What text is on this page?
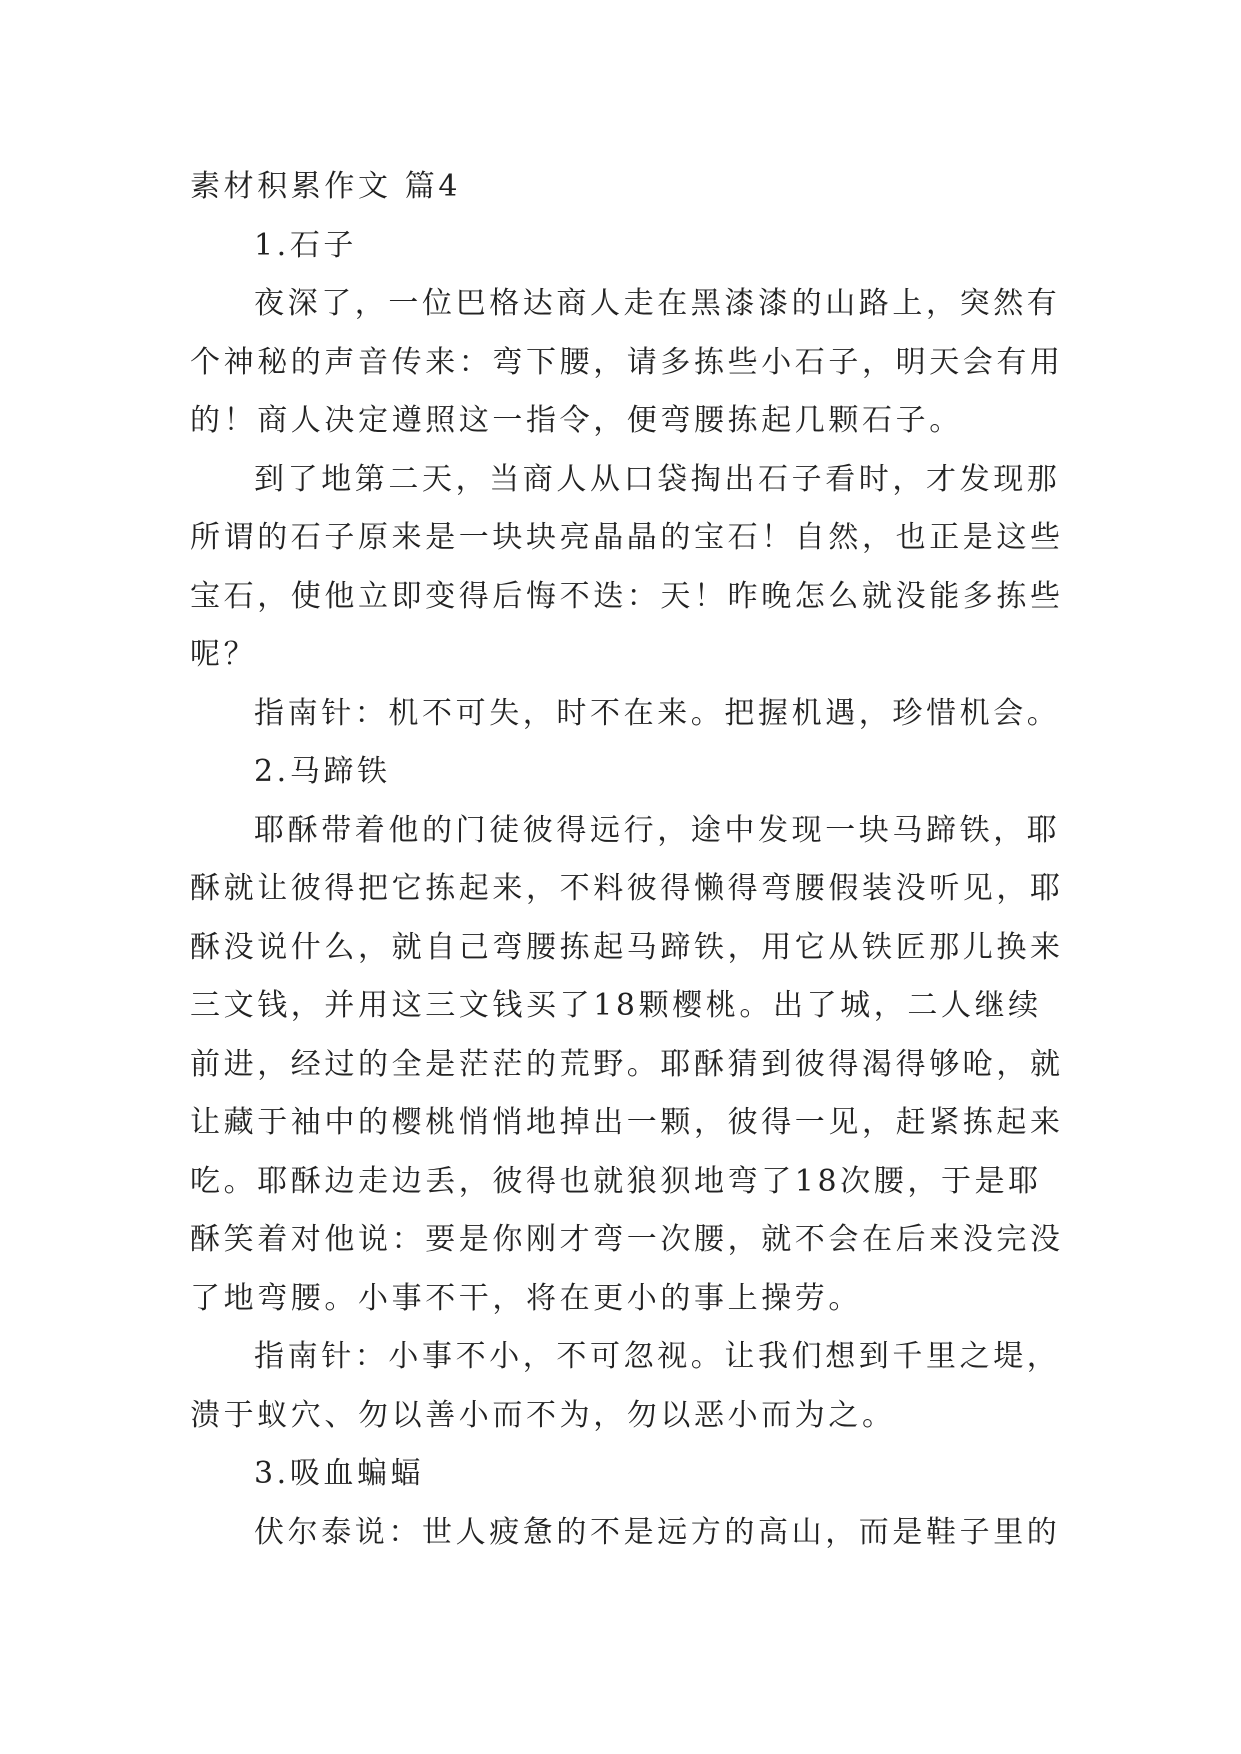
素材积累作文 篇4

1.石子

夜深了，一位巴格达商人走在黑漆漆的山路上，突然有个神秘的声音传来：弯下腰，请多拣些小石子，明天会有用的！商人决定遵照这一指令，便弯腰拣起几颗石子。

到了地第二天，当商人从口袋掏出石子看时，才发现那所谓的石子原来是一块块亮晶晶的宝石！自然，也正是这些宝石，使他立即变得后悔不迭：天！昨晚怎么就没能多拣些呢？

指南针：机不可失，时不在来。把握机遇，珍惜机会。

2.马蹄铁

耶酥带着他的门徒彼得远行，途中发现一块马蹄铁，耶酥就让彼得把它拣起来，不料彼得懒得弯腰假装没听见，耶酥没说什么，就自己弯腰拣起马蹄铁，用它从铁匠那儿换来三文钱，并用这三文钱买了18颗樱桃。出了城，二人继续前进，经过的全是茫茫的荒野。耶酥猜到彼得渴得够呛，就让藏于袖中的樱桃悄悄地掉出一颗，彼得一见，赶紧拣起来吃。耶酥边走边丢，彼得也就狼狈地弯了18次腰，于是耶酥笑着对他说：要是你刚才弯一次腰，就不会在后来没完没了地弯腰。小事不干，将在更小的事上操劳。

指南针：小事不小，不可忽视。让我们想到千里之堤，溃于蚁穴、勿以善小而不为，勿以恶小而为之。

3.吸血蝙蝠

伏尔泰说：世人疲惫的不是远方的高山，而是鞋子里的
